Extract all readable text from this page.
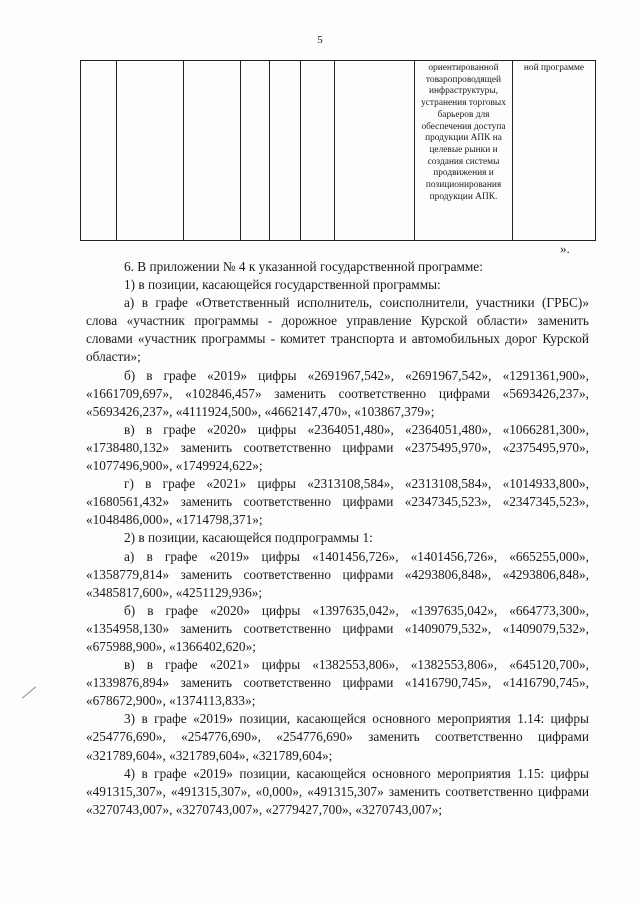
5
							ориентированной товаропроводящей инфраструктуры, устранения торговых барьеров для обеспечения доступа продукции АПК на целевые рынки и создания системы продвижения и позиционирования продукции АПК.	ной программе
».

6. В приложении № 4 к указанной государственной программе:

1) в позиции, касающейся государственной программы:

а) в графе «Ответственный исполнитель, соисполнители, участники (ГРБС)» слова «участник программы - дорожное управление Курской области» заменить словами «участник программы - комитет транспорта и автомобильных дорог Курской области»;

б) в графе «2019» цифры «2691967,542», «2691967,542», «1291361,900», «1661709,697», «102846,457» заменить соответственно цифрами «5693426,237», «5693426,237», «4111924,500», «4662147,470», «103867,379»;

в) в графе «2020» цифры «2364051,480», «2364051,480», «1066281,300», «1738480,132» заменить соответственно цифрами «2375495,970», «2375495,970», «1077496,900», «1749924,622»;

г) в графе «2021» цифры «2313108,584», «2313108,584», «1014933,800», «1680561,432» заменить соответственно цифрами «2347345,523», «2347345,523», «1048486,000», «1714798,371»;

2) в позиции, касающейся подпрограммы 1:

а) в графе «2019» цифры «1401456,726», «1401456,726», «665255,000», «1358779,814» заменить соответственно цифрами «4293806,848», «4293806,848», «3485817,600», «4251129,936»;

б) в графе «2020» цифры «1397635,042», «1397635,042», «664773,300», «1354958,130» заменить соответственно цифрами «1409079,532», «1409079,532», «675988,900», «1366402,620»;

в) в графе «2021» цифры «1382553,806», «1382553,806», «645120,700», «1339876,894» заменить соответственно цифрами «1416790,745», «1416790,745», «678672,900», «1374113,833»;

3) в графе «2019» позиции, касающейся основного мероприятия 1.14: цифры «254776,690», «254776,690», «254776,690» заменить соответственно цифрами «321789,604», «321789,604», «321789,604»;

4) в графе «2019» позиции, касающейся основного мероприятия 1.15: цифры «491315,307», «491315,307», «0,000», «491315,307» заменить соответственно цифрами «3270743,007», «3270743,007», «2779427,700», «3270743,007»;
